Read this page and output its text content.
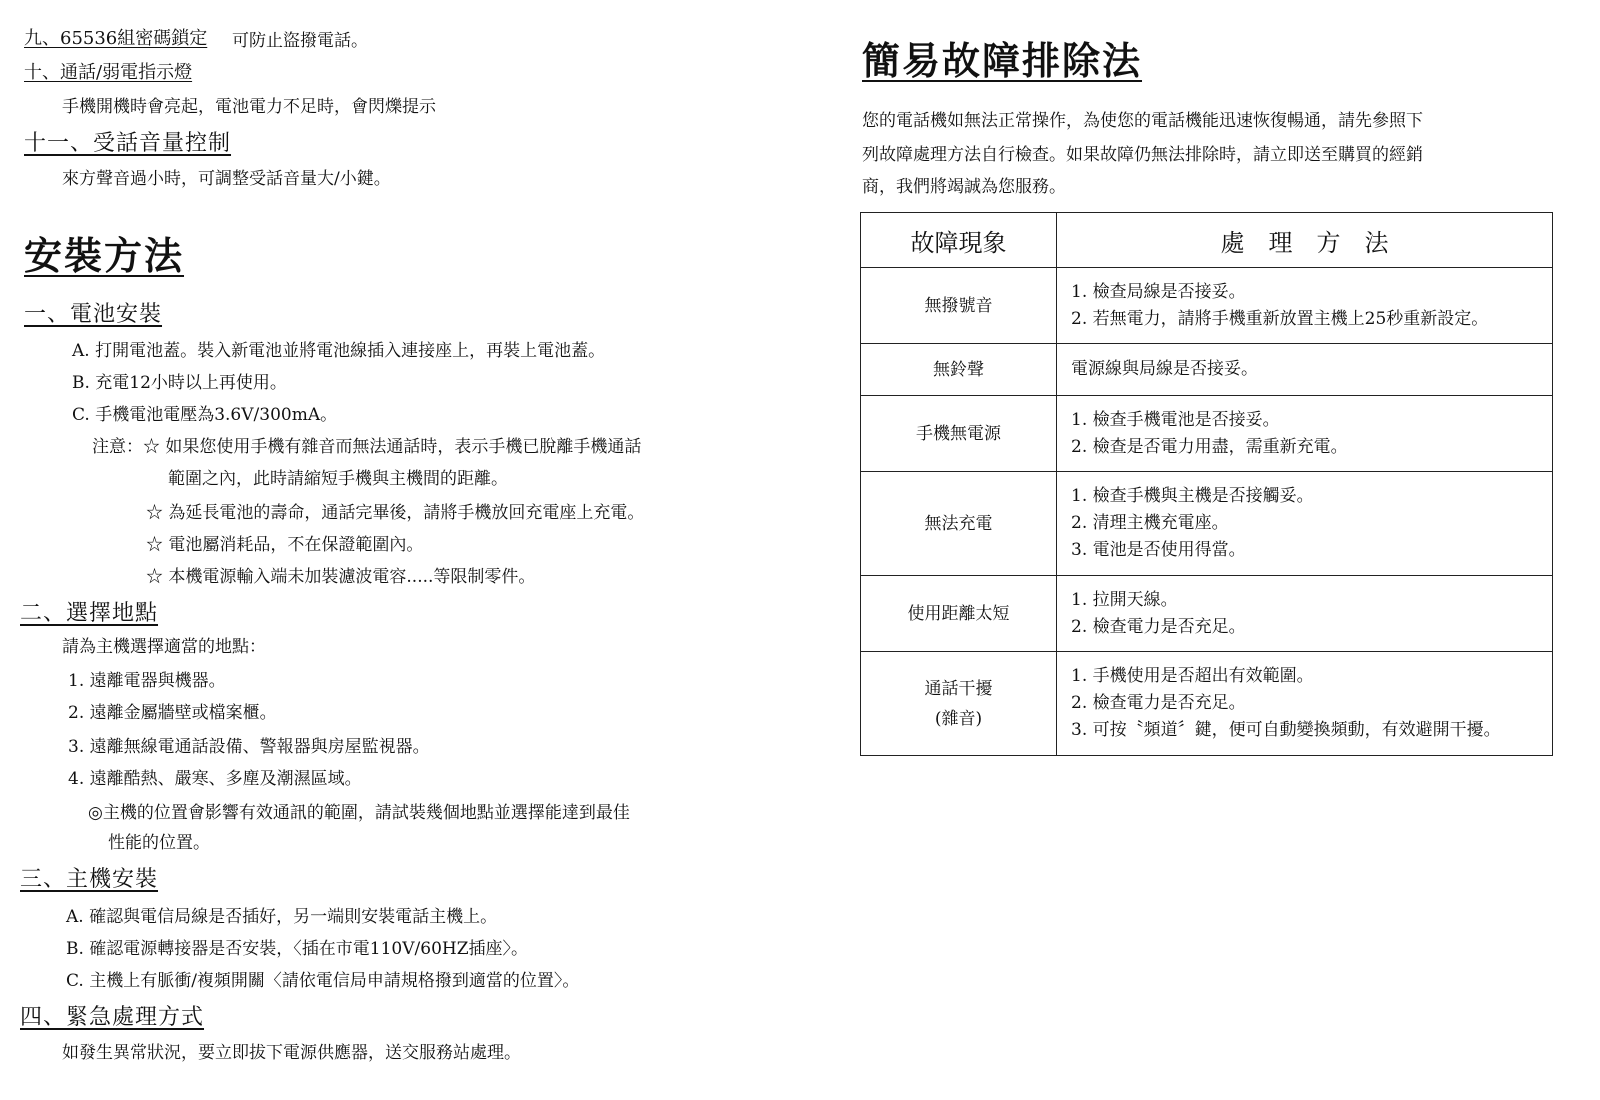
九、65536組密碼鎖定 可防止盜撥電話。
十、通話/弱電指示燈
手機開機時會亮起，電池電力不足時，會閃爍提示
十一、受話音量控制
來方聲音過小時，可調整受話音量大/小鍵。
安裝方法
一、電池安裝
A. 打開電池蓋。裝入新電池並將電池線插入連接座上，再裝上電池蓋。
B. 充電12小時以上再使用。
C. 手機電池電壓為3.6V/300mA。
注意：☆ 如果您使用手機有雜音而無法通話時，表示手機已脫離手機通話
範圍之內，此時請縮短手機與主機間的距離。
☆ 為延長電池的壽命，通話完畢後，請將手機放回充電座上充電。
☆ 電池屬消耗品，不在保證範圍內。
☆ 本機電源輸入端未加裝濾波電容.....等限制零件。
二、選擇地點
請為主機選擇適當的地點：
1. 遠離電器與機器。
2. 遠離金屬牆壁或檔案櫃。
3. 遠離無線電通話設備、警報器與房屋監視器。
4. 遠離酷熱、嚴寒、多塵及潮濕區域。
◎主機的位置會影響有效通訊的範圍，請試裝幾個地點並選擇能達到最佳
性能的位置。
三、主機安裝
A. 確認與電信局線是否插好，另一端則安裝電話主機上。
B. 確認電源轉接器是否安裝，〈插在市電110V/60HZ插座〉。
C. 主機上有脈衝/複頻開關〈請依電信局申請規格撥到適當的位置〉。
四、緊急處理方式
如發生異常狀況，要立即拔下電源供應器，送交服務站處理。
簡易故障排除法
您的電話機如無法正常操作，為使您的電話機能迅速恢復暢通，請先參照下
列故障處理方法自行檢查。如果故障仍無法排除時，請立即送至購買的經銷
商，我們將竭誠為您服務。
故障現象	處理方法

無撥號音	1. 檢查局線是否接妥。
2. 若無電力，請將手機重新放置主機上25秒重新設定。

無鈴聲	電源線與局線是否接妥。

手機無電源	1. 檢查手機電池是否接妥。
2. 檢查是否電力用盡，需重新充電。

無法充電	1. 檢查手機與主機是否接觸妥。
2. 清理主機充電座。
3. 電池是否使用得當。

使用距離太短	1. 拉開天線。
2. 檢查電力是否充足。

通話干擾
(雜音)	1. 手機使用是否超出有效範圍。
2. 檢查電力是否充足。
3. 可按〝頻道〞鍵，便可自動變換頻動，有效避開干擾。
